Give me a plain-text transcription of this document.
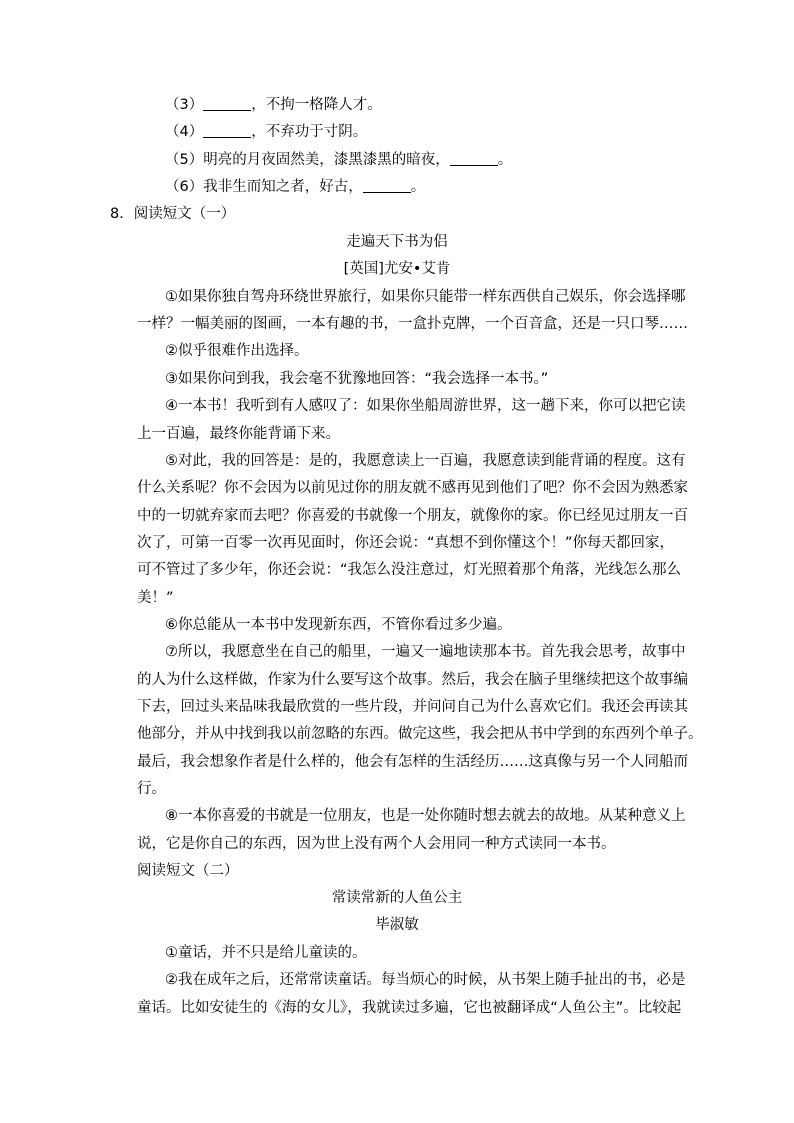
（3）	，不拘一格降人才。
（4）	，不弃功于寸阴。
（5）明亮的月夜固然美，漆黑漆黑的暗夜，	。
（6）我非生而知之者，好古，	。
8．阅读短文（一）
走遍天下书为侣
[英国]尤安•艾肯
①如果你独自驾舟环绕世界旅行，如果你只能带一样东西供自己娱乐，你会选择哪
一样？一幅美丽的图画，一本有趣的书，一盒扑克牌，一个百音盒，还是一只口琴……
②似乎很难作出选择。
③如果你问到我，我会毫不犹豫地回答：“我会选择一本书。”
④一本书！我听到有人感叹了：如果你坐船周游世界，这一趟下来，你可以把它读
上一百遍，最终你能背诵下来。
⑤对此，我的回答是：是的，我愿意读上一百遍，我愿意读到能背诵的程度。这有
什么关系呢？你不会因为以前见过你的朋友就不感再见到他们了吧？你不会因为熟悉家
中的一切就弃家而去吧？你喜爱的书就像一个朋友，就像你的家。你已经见过朋友一百
次了，可第一百零一次再见面时，你还会说：“真想不到你懂这个！”你每天都回家，
可不管过了多少年，你还会说：“我怎么没注意过，灯光照着那个角落，光线怎么那么
美！”
⑥你总能从一本书中发现新东西，不管你看过多少遍。
⑦所以，我愿意坐在自己的船里，一遍又一遍地读那本书。首先我会思考，故事中
的人为什么这样做，作家为什么要写这个故事。然后，我会在脑子里继续把这个故事编
下去，回过头来品味我最欣赏的一些片段，并问问自己为什么喜欢它们。我还会再读其
他部分，并从中找到我以前忽略的东西。做完这些，我会把从书中学到的东西列个单子。
最后，我会想象作者是什么样的，他会有怎样的生活经历……这真像与另一个人同船而
行。
⑧一本你喜爱的书就是一位朋友，也是一处你随时想去就去的故地。从某种意义上
说，它是你自己的东西，因为世上没有两个人会用同一种方式读同一本书。
阅读短文（二）
常读常新的人鱼公主
毕淑敏
①童话，并不只是给儿童读的。
②我在成年之后，还常常读童话。每当烦心的时候，从书架上随手扯出的书，必是
童话。比如安徒生的《海的女儿》，我就读过多遍，它也被翻译成“人鱼公主”。比较起
